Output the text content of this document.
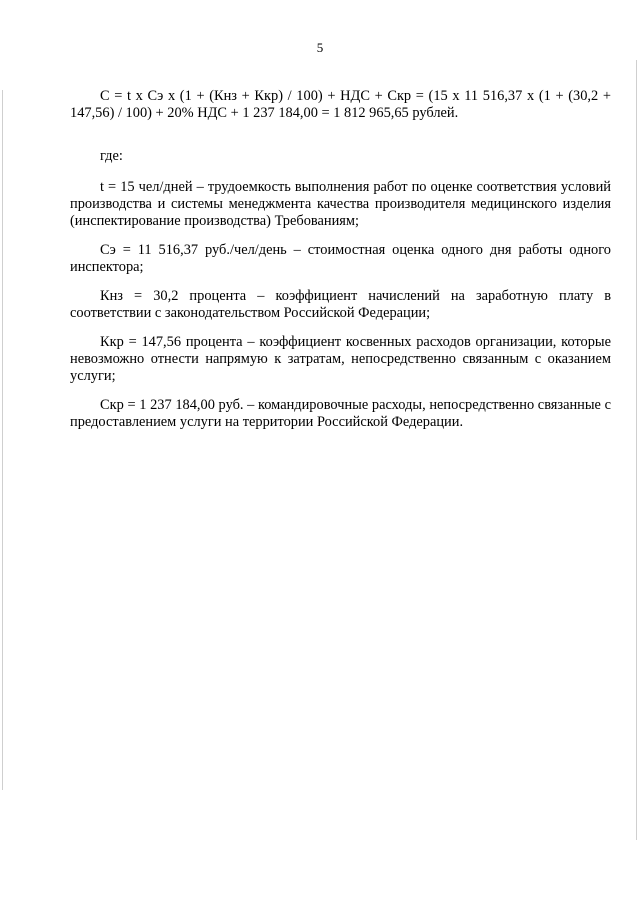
5

C = t x Cэ x (1 + (Кнз + Ккр) / 100) + НДС + Скр = (15 x 11 516,37 x (1 + (30,2 + 147,56) / 100) + 20% НДС + 1 237 184,00 = 1 812 965,65 рублей.

где:

t = 15 чел/дней – трудоемкость выполнения работ по оценке соответствия условий производства и системы менеджмента качества производителя медицинского изделия (инспектирование производства) Требованиям;

Cэ = 11 516,37 руб./чел/день – стоимостная оценка одного дня работы одного инспектора;

Кнз = 30,2 процента – коэффициент начислений на заработную плату в соответствии с законодательством Российской Федерации;

Ккр = 147,56 процента – коэффициент косвенных расходов организации, которые невозможно отнести напрямую к затратам, непосредственно связанным с оказанием услуги;

Скр = 1 237 184,00 руб. – командировочные расходы, непосредственно связанные с предоставлением услуги на территории Российской Федерации.
